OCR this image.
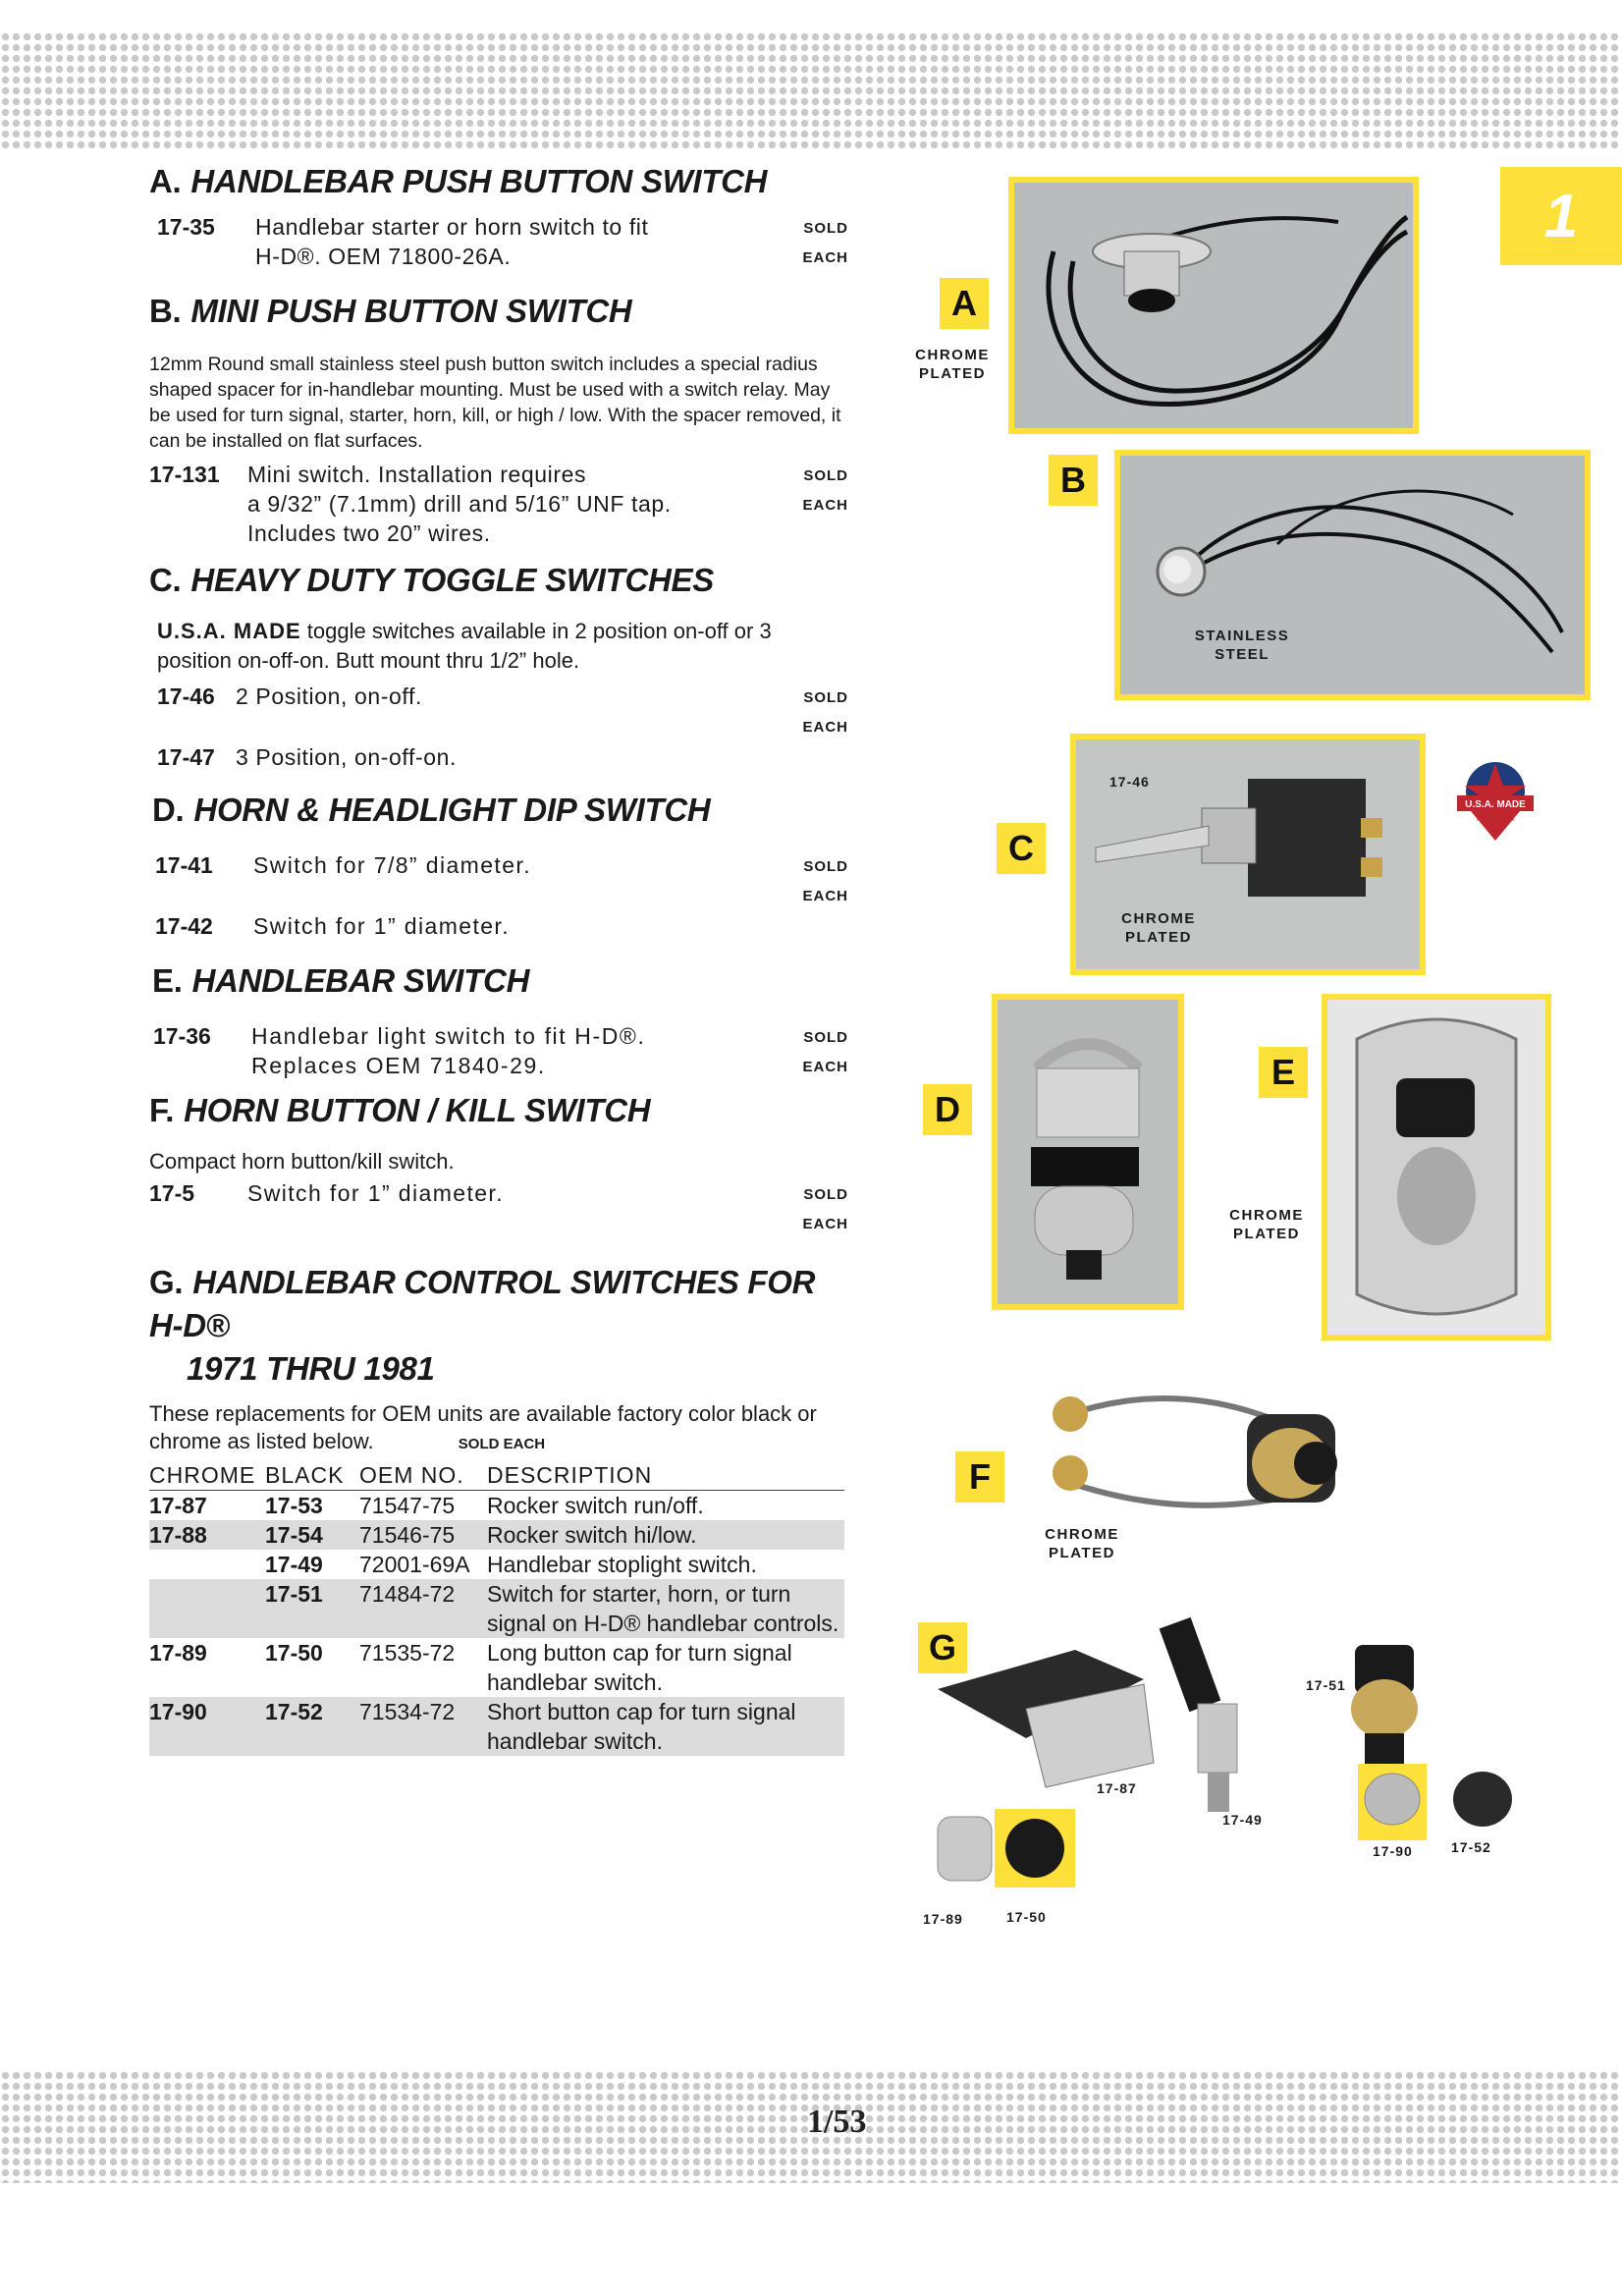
1
A. HANDLEBAR PUSH BUTTON SWITCH
17-35	Handlebar starter or horn switch to fit
H-D®. OEM 71800-26A.
SOLD EACH
B. MINI PUSH BUTTON SWITCH
12mm Round small stainless steel push button switch includes a special radius shaped spacer for in-handlebar mounting. Must be used with a switch relay. May be used for turn signal, starter, horn, kill, or high / low. With the spacer removed, it can be installed on flat surfaces.
17-131	Mini switch. Installation requires
a 9/32” (7.1mm) drill and 5/16” UNF tap. Includes two 20” wires.
SOLD EACH
C. HEAVY DUTY TOGGLE SWITCHES
U.S.A. MADE toggle switches available in 2 position on-off or 3 position on-off-on. Butt mount thru 1/2” hole.
17-46 2 Position, on-off.	SOLD EACH
17-47 3 Position, on-off-on.
D. HORN & HEADLIGHT DIP SWITCH
17-41	Switch for 7/8” diameter.	SOLD EACH
17-42	Switch for 1” diameter.
E. HANDLEBAR SWITCH
17-36	Handlebar light switch to fit H-D®.
Replaces OEM 71840-29.
SOLD EACH
F. HORN BUTTON / KILL SWITCH
Compact horn button/kill switch.
17-5	Switch for 1” diameter.	SOLD EACH
G. HANDLEBAR CONTROL SWITCHES FOR H-D®
1971 THRU 1981
These replacements for OEM units are available factory color black or chrome as listed below.	SOLD EACH
CHROME	BLACK	OEM NO.	DESCRIPTION
17-87	17-53	71547-75	Rocker switch run/off.
17-88	17-54	71546-75	Rocker switch hi/low.
	17-49	72001-69A	Handlebar stoplight switch.
	17-51	71484-72	Switch for starter, horn, or turn signal on H-D® handlebar controls.
17-89	17-50	71535-72	Long button cap for turn signal handlebar switch.
17-90	17-52	71534-72	Short button cap for turn signal handlebar switch.
A
CHROME
PLATED
B
STAINLESS
STEEL
17-46
C
CHROME
PLATED
U.S.A. MADE
D
E
CHROME
PLATED
F
CHROME
PLATED
G
17-51
17-87
17-49
17-90	17-52
17-89	17-50
1/53
